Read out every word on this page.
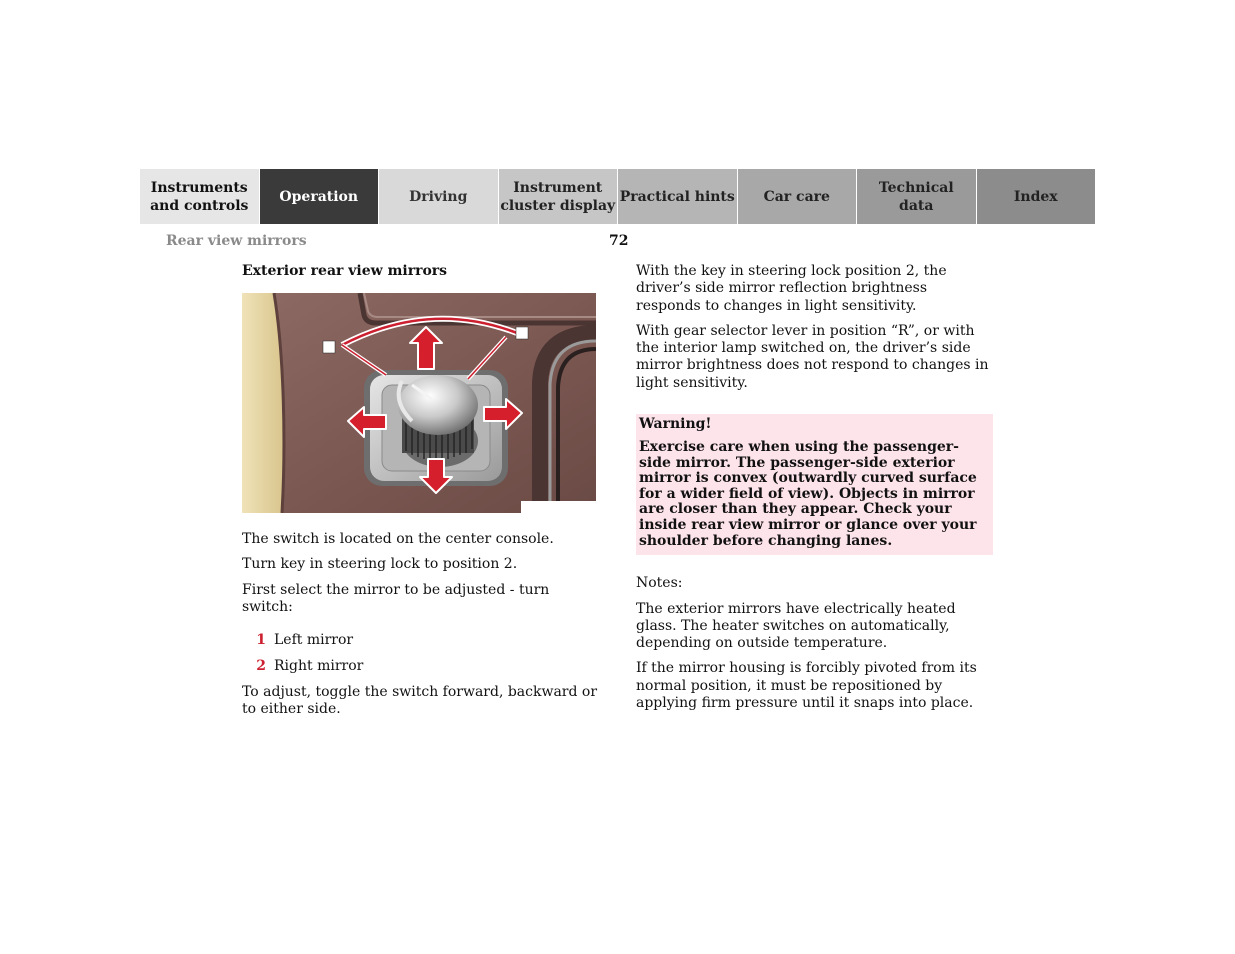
Instruments
and controls
Operation	Driving
Instrument
cluster display
Practical hints	Car care
Technical
data
Index
Rear view mirrors	72
Exterior rear view mirrors

The switch is located on the center console.

Turn key in steering lock to position 2.

First select the mirror to be adjusted - turn switch:

1 Left mirror
2 Right mirror

To adjust, toggle the switch forward, backward or to either side.

With the key in steering lock position 2, the driver’s side mirror reflection brightness responds to changes in light sensitivity.

With gear selector lever in position “R”, or with the interior lamp switched on, the driver’s side mirror brightness does not respond to changes in light sensitivity.

Warning!
Exercise care when using the passenger-side mirror. The passenger-side exterior mirror is convex (outwardly curved surface for a wider field of view). Objects in mirror are closer than they appear. Check your inside rear view mirror or glance over your shoulder before changing lanes.

Notes:

The exterior mirrors have electrically heated glass. The heater switches on automatically, depending on outside temperature.

If the mirror housing is forcibly pivoted from its normal position, it must be repositioned by applying firm pressure until it snaps into place.
